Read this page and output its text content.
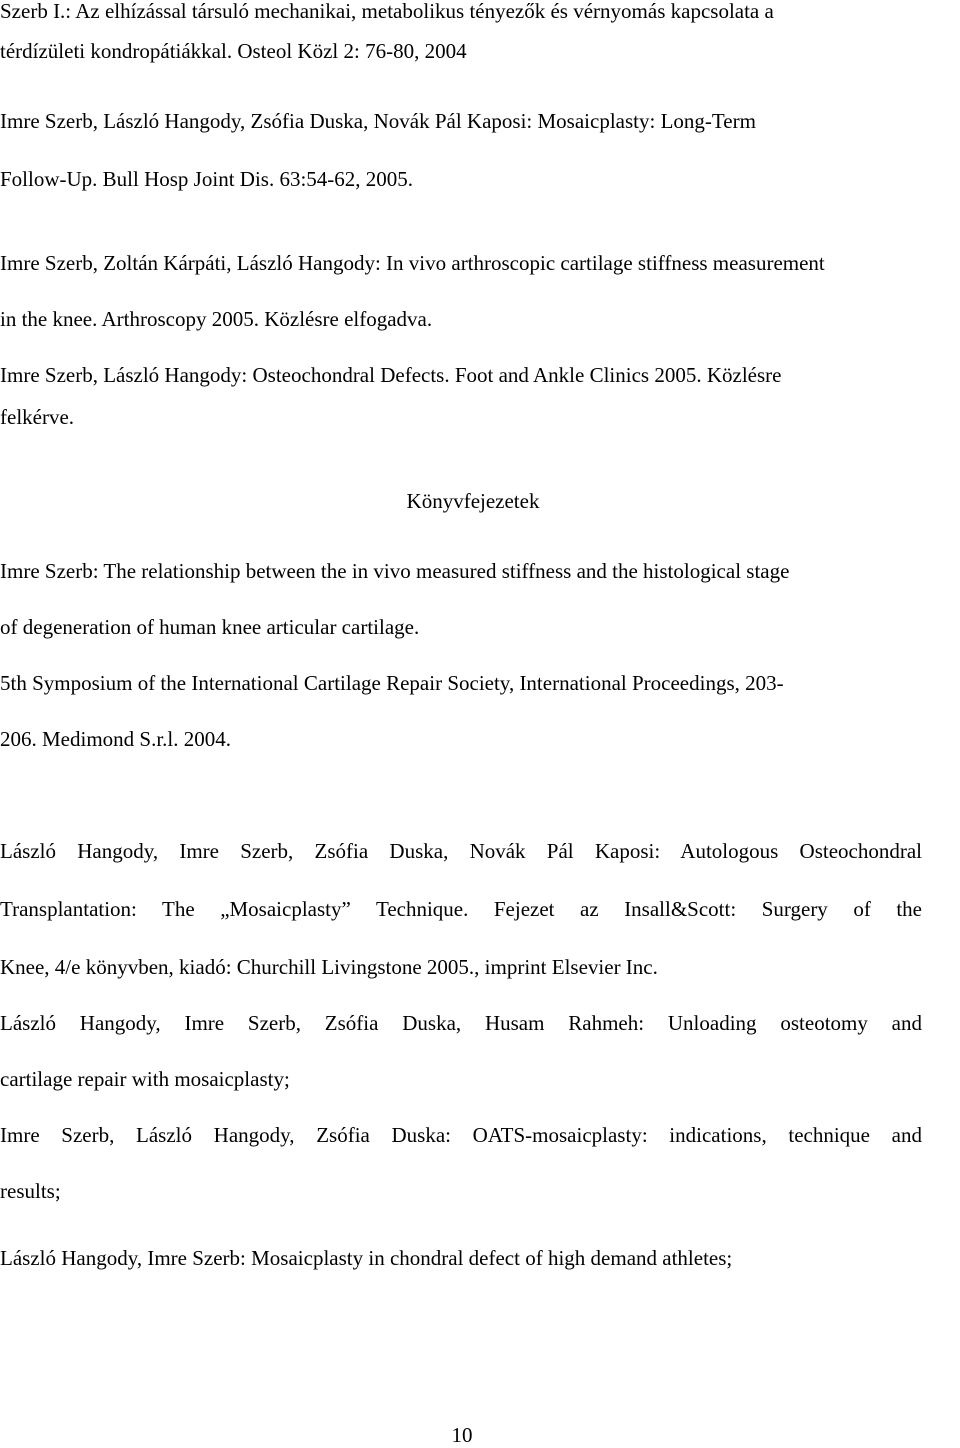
Szerb I.: Az elhízással társuló mechanikai, metabolikus tényezők és vérnyomás kapcsolata a
térdízületi kondropátiákkal. Osteol Közl 2: 76-80, 2004
Imre Szerb, László Hangody, Zsófia Duska, Novák Pál Kaposi: Mosaicplasty: Long-Term
Follow-Up. Bull Hosp Joint Dis. 63:54-62, 2005.
Imre Szerb, Zoltán Kárpáti, László Hangody: In vivo arthroscopic cartilage stiffness measurement
in the knee. Arthroscopy 2005. Közlésre elfogadva.
Imre Szerb, László Hangody: Osteochondral Defects. Foot and Ankle Clinics 2005. Közlésre
felkérve.
Könyvfejezetek
Imre Szerb: The relationship between the in vivo measured stiffness and the histological stage
of degeneration of human knee articular cartilage.
5th Symposium of the International Cartilage Repair Society, International Proceedings, 203-
206. Medimond S.r.l. 2004.
László Hangody, Imre Szerb, Zsófia Duska, Novák Pál Kaposi: Autologous Osteochondral
Transplantation: The „Mosaicplasty” Technique. Fejezet az Insall&Scott: Surgery of the
Knee, 4/e könyvben, kiadó: Churchill Livingstone 2005., imprint Elsevier Inc.
László Hangody, Imre Szerb, Zsófia Duska, Husam Rahmeh: Unloading osteotomy and
cartilage repair with mosaicplasty;
Imre Szerb, László Hangody, Zsófia Duska: OATS-mosaicplasty: indications, technique and
results;
László Hangody, Imre Szerb: Mosaicplasty in chondral defect of high demand athletes;
10
